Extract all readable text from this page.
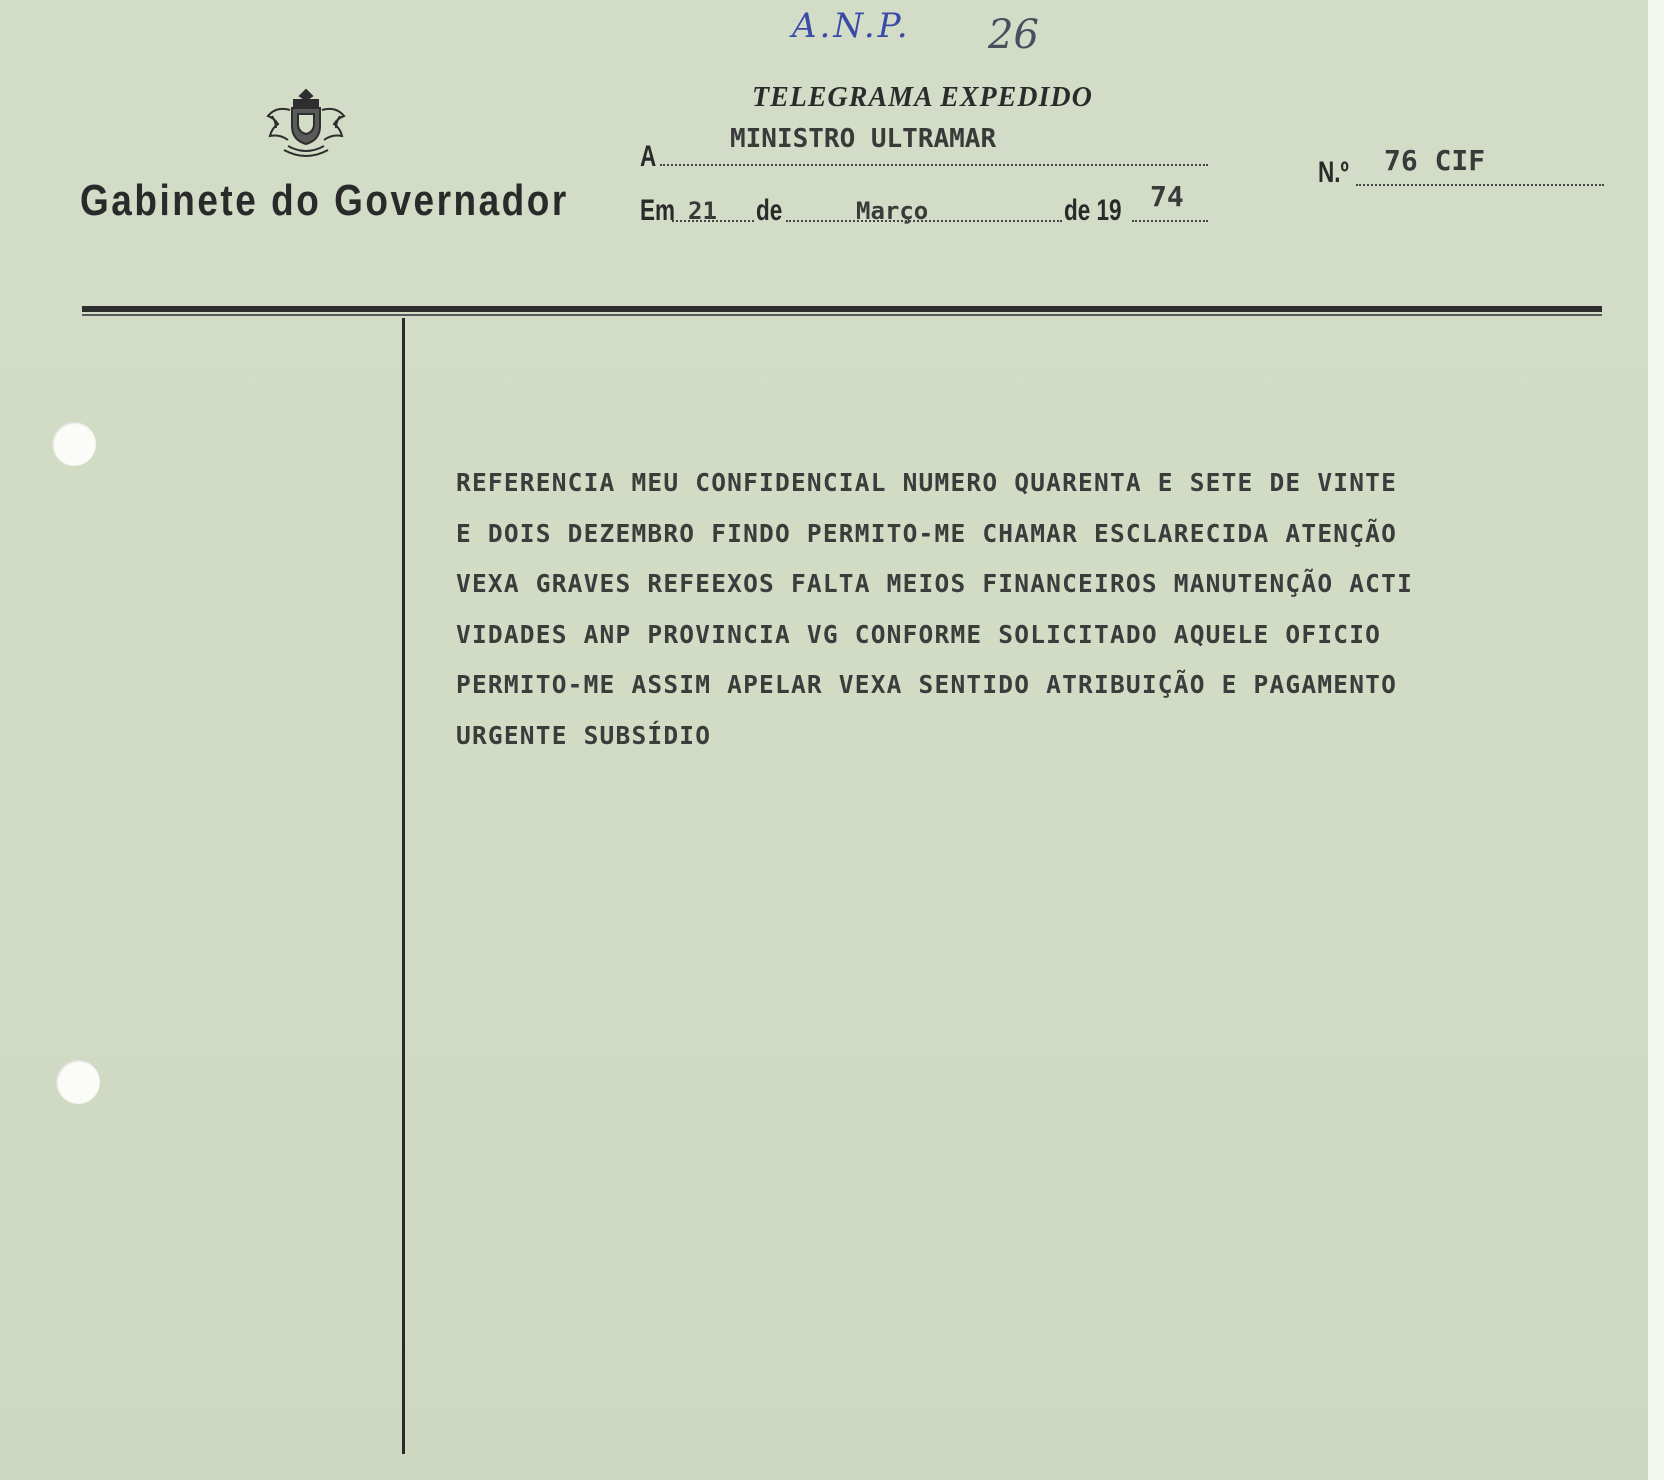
A.N.P. 26
Gabinete do Governador
TELEGRAMA EXPEDIDO
A
MINISTRO ULTRAMAR
Em 21 de	Março	de 19 74
N.º 76 CIF
REFERENCIA MEU CONFIDENCIAL NUMERO QUARENTA E SETE DE VINTE
E DOIS DEZEMBRO FINDO PERMITO-ME CHAMAR ESCLARECIDA ATENÇÃO
VEXA GRAVES REFEEXOS FALTA MEIOS FINANCEIROS MANUTENÇÃO ACTI
VIDADES ANP PROVINCIA VG CONFORME SOLICITADO AQUELE OFICIO
PERMITO-ME ASSIM APELAR VEXA SENTIDO ATRIBUIÇÃO E PAGAMENTO
URGENTE SUBSÍDIO
